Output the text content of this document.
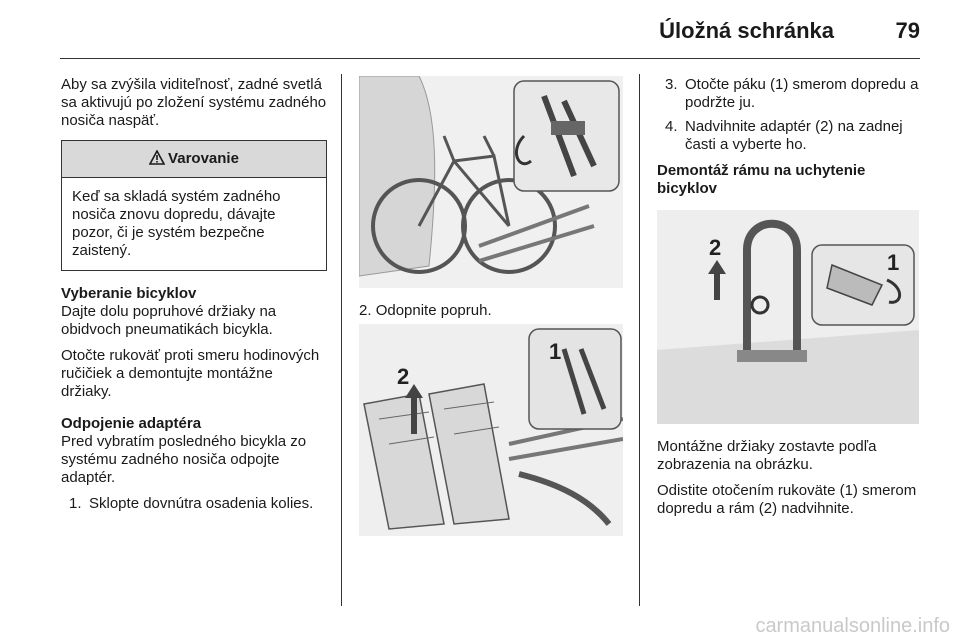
Úložná schránka	79

Aby sa zvýšila viditeľnosť, zadné svetlá sa aktivujú po zložení systému zadného nosiča naspäť.

Varovanie
Keď sa skladá systém zadného nosiča znovu dopredu, dávajte pozor, či je systém bezpečne zaistený.

Vyberanie bicyklov

Dajte dolu popruhové držiaky na obidvoch pneumatikách bicykla.

Otočte rukoväť proti smeru hodinových ručičiek a demontujte montážne držiaky.

Odpojenie adaptéra

Pred vybratím posledného bicykla zo systému zadného nosiča odpojte adaptér.

1. Sklopte dovnútra osadenia kolies.

2. Odopnite popruh.

1
2
3. Otočte páku (1) smerom dopredu a podržte ju.
4. Nadvihnite adaptér (2) na zadnej časti a vyberte ho.

Demontáž rámu na uchytenie bicyklov

1
2

Montážne držiaky zostavte podľa zobrazenia na obrázku.

Odistite otočením rukoväte (1) smerom dopredu a rám (2) nadvihnite.

carmanualsonline.info
